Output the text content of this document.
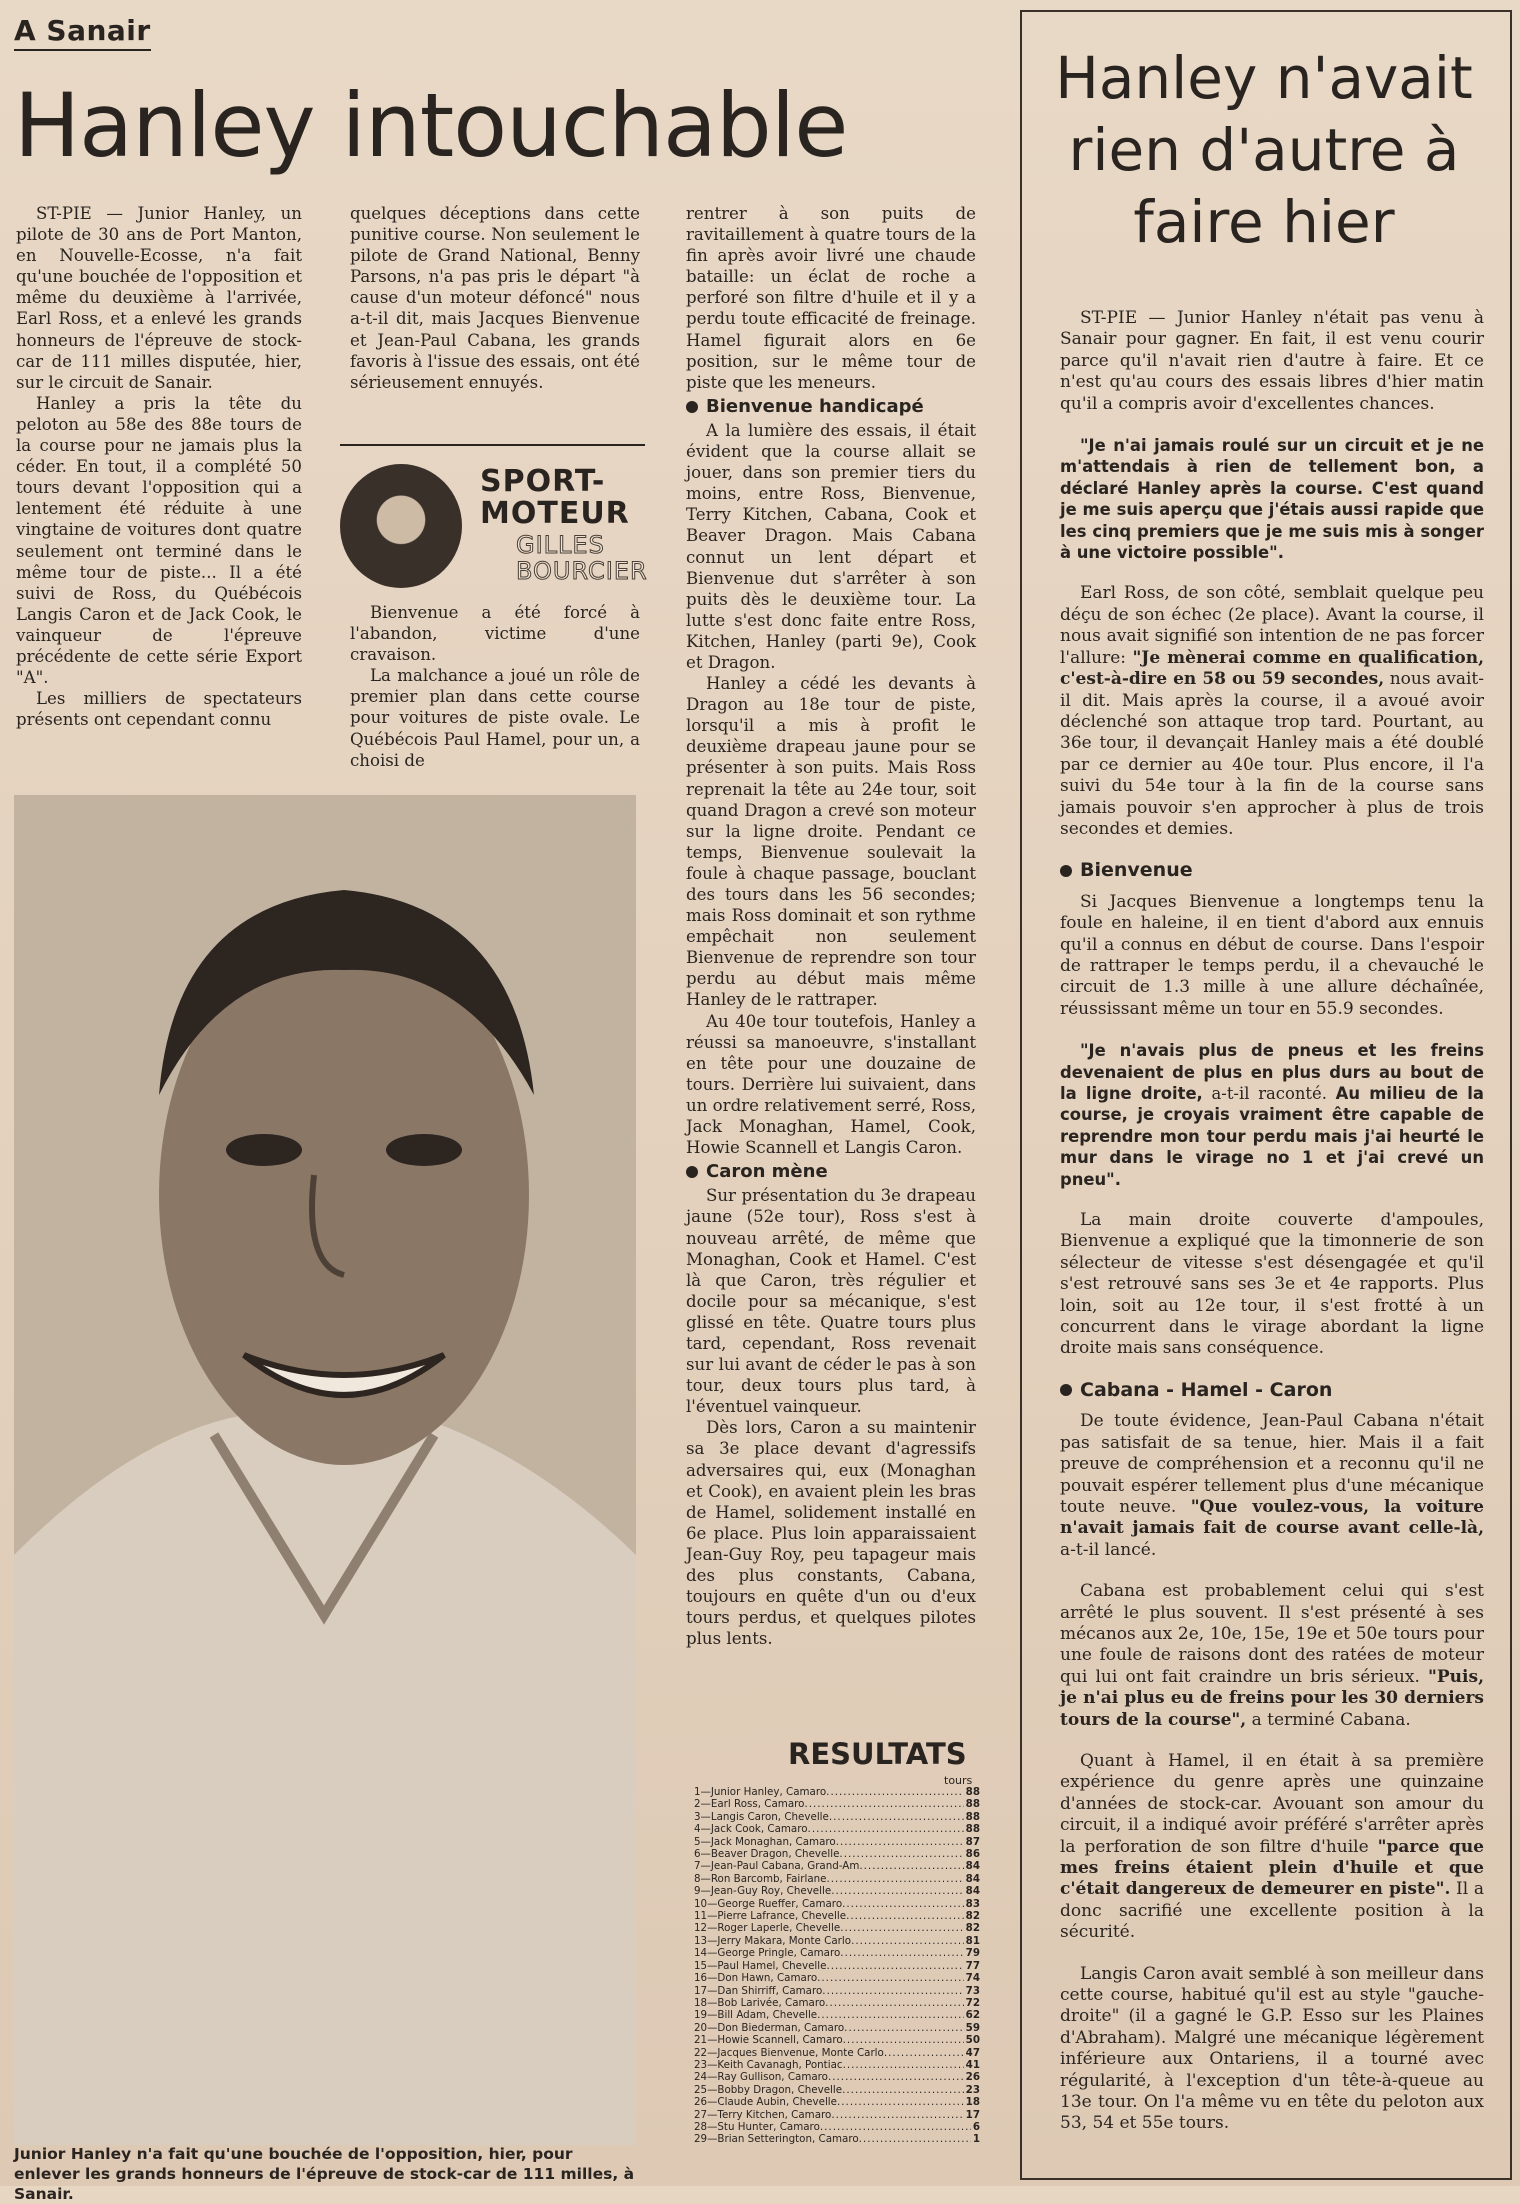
A Sanair
Hanley intouchable

ST-PIE — Junior Hanley, un pilote de 30 ans de Port Manton, en Nouvelle-Ecosse, n'a fait qu'une bouchée de l'opposition et même du deuxième à l'arrivée, Earl Ross, et a enlevé les grands honneurs de l'épreuve de stock-car de 111 milles disputée, hier, sur le circuit de Sanair.

Hanley a pris la tête du peloton au 58e des 88e tours de la course pour ne jamais plus la céder. En tout, il a complété 50 tours devant l'opposition qui a lentement été réduite à une vingtaine de voitures dont quatre seulement ont terminé dans le même tour de piste... Il a été suivi de Ross, du Québécois Langis Caron et de Jack Cook, le vainqueur de l'épreuve précédente de cette série Export "A".

Les milliers de spectateurs présents ont cependant connu

quelques déceptions dans cette punitive course. Non seulement le pilote de Grand National, Benny Parsons, n'a pas pris le départ "à cause d'un moteur défoncé" nous a-t-il dit, mais Jacques Bienvenue et Jean-Paul Cabana, les grands favoris à l'issue des essais, ont été sérieusement ennuyés.

SPORT-MOTEUR
GILLES BOURCIER

Bienvenue a été forcé à l'abandon, victime d'une cravaison.

La malchance a joué un rôle de premier plan dans cette course pour voitures de piste ovale. Le Québécois Paul Hamel, pour un, a choisi de

rentrer à son puits de ravitaillement à quatre tours de la fin après avoir livré une chaude bataille: un éclat de roche a perforé son filtre d'huile et il y a perdu toute efficacité de freinage. Hamel figurait alors en 6e position, sur le même tour de piste que les meneurs.

Bienvenue handicapé

A la lumière des essais, il était évident que la course allait se jouer, dans son premier tiers du moins, entre Ross, Bienvenue, Terry Kitchen, Cabana, Cook et Beaver Dragon. Mais Cabana connut un lent départ et Bienvenue dut s'arrêter à son puits dès le deuxième tour. La lutte s'est donc faite entre Ross, Kitchen, Hanley (parti 9e), Cook et Dragon.

Hanley a cédé les devants à Dragon au 18e tour de piste, lorsqu'il a mis à profit le deuxième drapeau jaune pour se présenter à son puits. Mais Ross reprenait la tête au 24e tour, soit quand Dragon a crevé son moteur sur la ligne droite. Pendant ce temps, Bienvenue soulevait la foule à chaque passage, bouclant des tours dans les 56 secondes; mais Ross dominait et son rythme empêchait non seulement Bienvenue de reprendre son tour perdu au début mais même Hanley de le rattraper.

Au 40e tour toutefois, Hanley a réussi sa manoeuvre, s'installant en tête pour une douzaine de tours. Derrière lui suivaient, dans un ordre relativement serré, Ross, Jack Monaghan, Hamel, Cook, Howie Scannell et Langis Caron.

Caron mène

Sur présentation du 3e drapeau jaune (52e tour), Ross s'est à nouveau arrêté, de même que Monaghan, Cook et Hamel. C'est là que Caron, très régulier et docile pour sa mécanique, s'est glissé en tête. Quatre tours plus tard, cependant, Ross revenait sur lui avant de céder le pas à son tour, deux tours plus tard, à l'éventuel vainqueur.

Dès lors, Caron a su maintenir sa 3e place devant d'agressifs adversaires qui, eux (Monaghan et Cook), en avaient plein les bras de Hamel, solidement installé en 6e place. Plus loin apparaissaient Jean-Guy Roy, peu tapageur mais des plus constants, Cabana, toujours en quête d'un ou d'eux tours perdus, et quelques pilotes plus lents.

Junior Hanley n'a fait qu'une bouchée de l'opposition, hier, pour enlever les grands honneurs de l'épreuve de stock-car de 111 milles, à Sanair.
RESULTATS
tours
1—Junior Hanley, Camaro .....	88
2—Earl Ross, Camaro .....	88
3—Langis Caron, Chevelle .....	88
4—Jack Cook, Camaro .....	88
5—Jack Monaghan, Camaro .....	87
6—Beaver Dragon, Chevelle .....	86
7—Jean-Paul Cabana, Grand-Am .....	84
8—Ron Barcomb, Fairlane .....	84
9—Jean-Guy Roy, Chevelle .....	84
10—George Rueffer, Camaro .....	83
11—Pierre Lafrance, Chevelle .....	82
12—Roger Laperle, Chevelle .....	82
13—Jerry Makara, Monte Carlo .....	81
14—George Pringle, Camaro .....	79
15—Paul Hamel, Chevelle .....	77
16—Don Hawn, Camaro .....	74
17—Dan Shirriff, Camaro .....	73
18—Bob Larivée, Camaro .....	72
19—Bill Adam, Chevelle .....	62
20—Don Biederman, Camaro .....	59
21—Howie Scannell, Camaro .....	50
22—Jacques Bienvenue, Monte Carlo .....	47
23—Keith Cavanagh, Pontiac .....	41
24—Ray Gullison, Camaro .....	26
25—Bobby Dragon, Chevelle .....	23
26—Claude Aubin, Chevelle .....	18
27—Terry Kitchen, Camaro .....	17
28—Stu Hunter, Camaro .....	6
29—Brian Setterington, Camaro .....	1
Hanley n'avait rien d'autre à faire hier

ST-PIE — Junior Hanley n'était pas venu à Sanair pour gagner. En fait, il est venu courir parce qu'il n'avait rien d'autre à faire. Et ce n'est qu'au cours des essais libres d'hier matin qu'il a compris avoir d'excellentes chances.

"Je n'ai jamais roulé sur un circuit et je ne m'attendais à rien de tellement bon, a déclaré Hanley après la course. C'est quand je me suis aperçu que j'étais aussi rapide que les cinq premiers que je me suis mis à songer à une victoire possible".

Earl Ross, de son côté, semblait quelque peu déçu de son échec (2e place). Avant la course, il nous avait signifié son intention de ne pas forcer l'allure: "Je mènerai comme en qualification, c'est-à-dire en 58 ou 59 secondes, nous avait-il dit. Mais après la course, il a avoué avoir déclenché son attaque trop tard. Pourtant, au 36e tour, il devançait Hanley mais a été doublé par ce dernier au 40e tour. Plus encore, il l'a suivi du 54e tour à la fin de la course sans jamais pouvoir s'en approcher à plus de trois secondes et demies.

Bienvenue

Si Jacques Bienvenue a longtemps tenu la foule en haleine, il en tient d'abord aux ennuis qu'il a connus en début de course. Dans l'espoir de rattraper le temps perdu, il a chevauché le circuit de 1.3 mille à une allure déchaînée, réussissant même un tour en 55.9 secondes.

"Je n'avais plus de pneus et les freins devenaient de plus en plus durs au bout de la ligne droite, a-t-il raconté. Au milieu de la course, je croyais vraiment être capable de reprendre mon tour perdu mais j'ai heurté le mur dans le virage no 1 et j'ai crevé un pneu".

La main droite couverte d'ampoules, Bienvenue a expliqué que la timonnerie de son sélecteur de vitesse s'est désengagée et qu'il s'est retrouvé sans ses 3e et 4e rapports. Plus loin, soit au 12e tour, il s'est frotté à un concurrent dans le virage abordant la ligne droite mais sans conséquence.

Cabana - Hamel - Caron

De toute évidence, Jean-Paul Cabana n'était pas satisfait de sa tenue, hier. Mais il a fait preuve de compréhension et a reconnu qu'il ne pouvait espérer tellement plus d'une mécanique toute neuve. "Que voulez-vous, la voiture n'avait jamais fait de course avant celle-là, a-t-il lancé.

Cabana est probablement celui qui s'est arrêté le plus souvent. Il s'est présenté à ses mécanos aux 2e, 10e, 15e, 19e et 50e tours pour une foule de raisons dont des ratées de moteur qui lui ont fait craindre un bris sérieux. "Puis, je n'ai plus eu de freins pour les 30 derniers tours de la course", a terminé Cabana.

Quant à Hamel, il en était à sa première expérience du genre après une quinzaine d'années de stock-car. Avouant son amour du circuit, il a indiqué avoir préféré s'arrêter après la perforation de son filtre d'huile "parce que mes freins étaient plein d'huile et que c'était dangereux de demeurer en piste". Il a donc sacrifié une excellente position à la sécurité.

Langis Caron avait semblé à son meilleur dans cette course, habitué qu'il est au style "gauche-droite" (il a gagné le G.P. Esso sur les Plaines d'Abraham). Malgré une mécanique légèrement inférieure aux Ontariens, il a tourné avec régularité, à l'exception d'un tête-à-queue au 13e tour. On l'a même vu en tête du peloton aux 53, 54 et 55e tours.
